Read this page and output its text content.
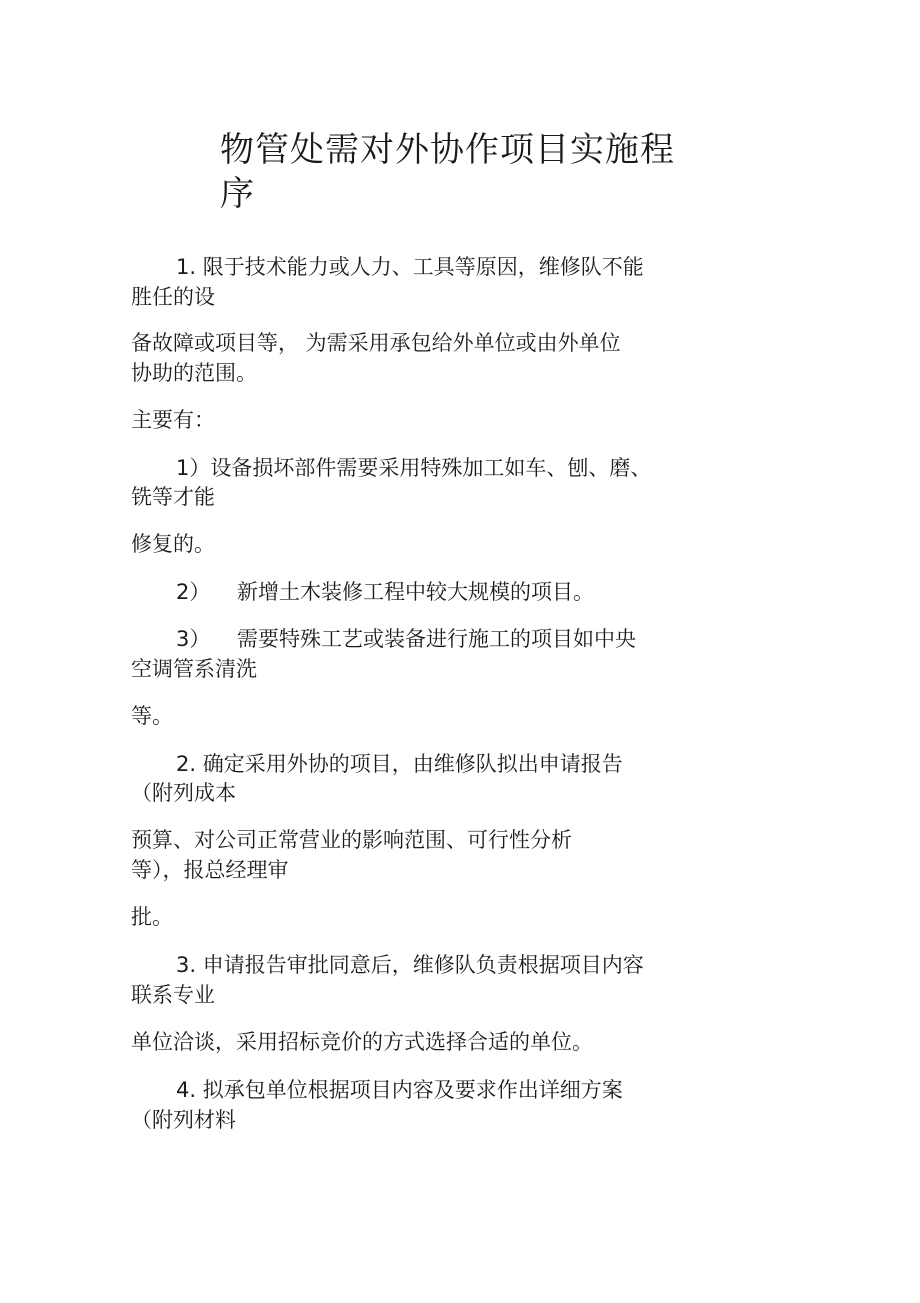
物管处需对外协作项目实施程
序

1. 限于技术能力或人力、工具等原因，维修队不能

胜任的设

备故障或项目等， 为需采用承包给外单位或由外单位

协助的范围。

主要有：

1）设备损坏部件需要采用特殊加工如车、刨、磨、

铣等才能

修复的。

2）    新增土木装修工程中较大规模的项目。

3）    需要特殊工艺或装备进行施工的项目如中央

空调管系清洗

等。

2. 确定采用外协的项目，由维修队拟出申请报告

（附列成本

预算、对公司正常营业的影响范围、可行性分析

等），报总经理审

批。

3. 申请报告审批同意后，维修队负责根据项目内容

联系专业

单位洽谈，采用招标竞价的方式选择合适的单位。

4. 拟承包单位根据项目内容及要求作出详细方案

（附列材料
